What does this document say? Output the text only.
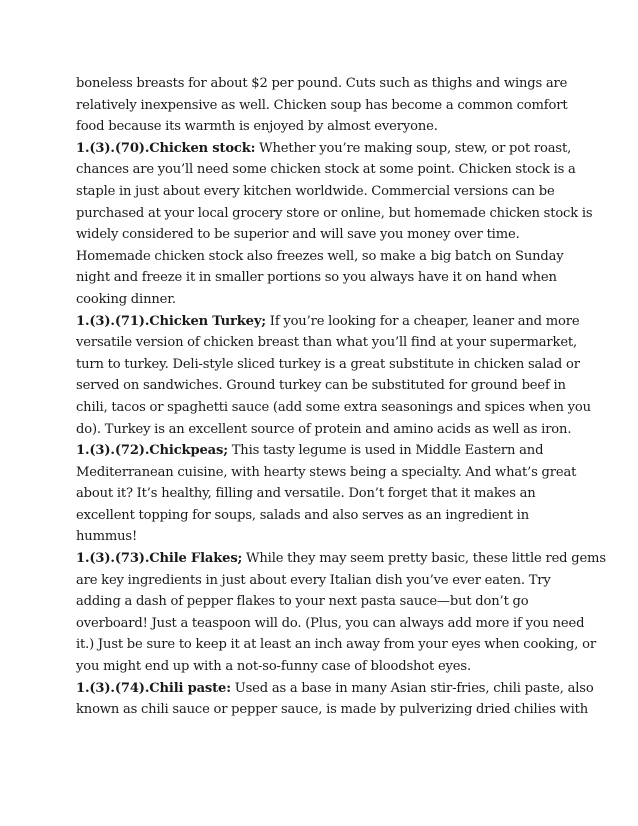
boneless breasts for about $2 per pound. Cuts such as thighs and wings are
relatively inexpensive as well. Chicken soup has become a common comfort
food because its warmth is enjoyed by almost everyone.
1.(3).(70).Chicken stock: Whether you’re making soup, stew, or pot roast,
chances are you’ll need some chicken stock at some point. Chicken stock is a
staple in just about every kitchen worldwide. Commercial versions can be
purchased at your local grocery store or online, but homemade chicken stock is
widely considered to be superior and will save you money over time.
Homemade chicken stock also freezes well, so make a big batch on Sunday
night and freeze it in smaller portions so you always have it on hand when
cooking dinner.
1.(3).(71).Chicken Turkey; If you’re looking for a cheaper, leaner and more
versatile version of chicken breast than what you’ll find at your supermarket,
turn to turkey. Deli-style sliced turkey is a great substitute in chicken salad or
served on sandwiches. Ground turkey can be substituted for ground beef in
chili, tacos or spaghetti sauce (add some extra seasonings and spices when you
do). Turkey is an excellent source of protein and amino acids as well as iron.
1.(3).(72).Chickpeas; This tasty legume is used in Middle Eastern and
Mediterranean cuisine, with hearty stews being a specialty. And what’s great
about it? It’s healthy, filling and versatile. Don’t forget that it makes an
excellent topping for soups, salads and also serves as an ingredient in
hummus!
1.(3).(73).Chile Flakes; While they may seem pretty basic, these little red gems
are key ingredients in just about every Italian dish you’ve ever eaten. Try
adding a dash of pepper flakes to your next pasta sauce—but don’t go
overboard! Just a teaspoon will do. (Plus, you can always add more if you need
it.) Just be sure to keep it at least an inch away from your eyes when cooking, or
you might end up with a not-so-funny case of bloodshot eyes.
1.(3).(74).Chili paste: Used as a base in many Asian stir-fries, chili paste, also
known as chili sauce or pepper sauce, is made by pulverizing dried chilies with
